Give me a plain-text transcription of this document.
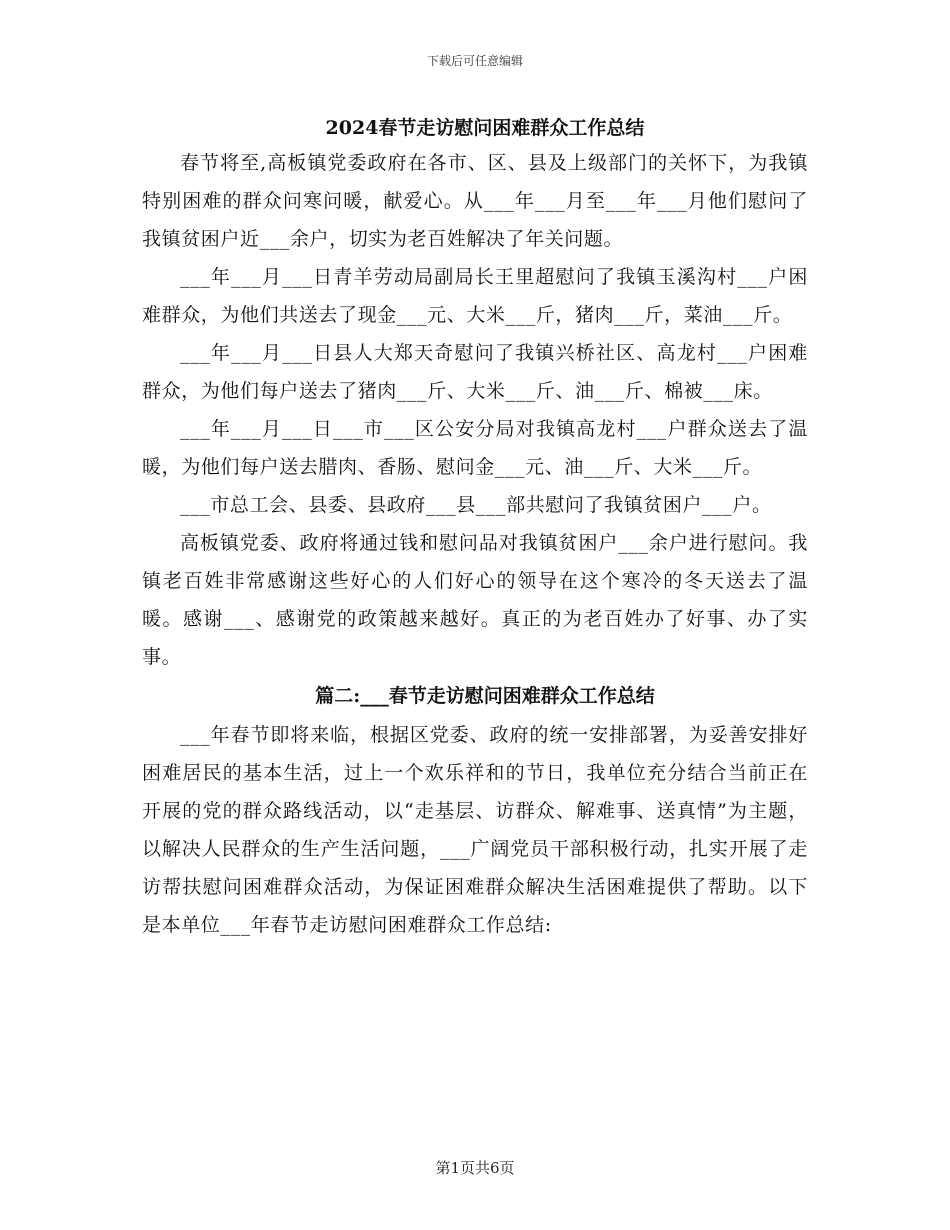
下载后可任意编辑
2024春节走访慰问困难群众工作总结

春节将至,高板镇党委政府在各市、区、县及上级部门的关怀下，为我镇特别困难的群众问寒问暖，献爱心。从___年___月至___年___月他们慰问了我镇贫困户近___余户，切实为老百姓解决了年关问题。

___年___月___日青羊劳动局副局长王里超慰问了我镇玉溪沟村___户困难群众，为他们共送去了现金___元、大米___斤，猪肉___斤，菜油___斤。

___年___月___日县人大郑天奇慰问了我镇兴桥社区、高龙村___户困难群众，为他们每户送去了猪肉___斤、大米___斤、油___斤、棉被___床。

___年___月___日___市___区公安分局对我镇高龙村___户群众送去了温暖，为他们每户送去腊肉、香肠、慰问金___元、油___斤、大米___斤。

___市总工会、县委、县政府___县___部共慰问了我镇贫困户___户。

高板镇党委、政府将通过钱和慰问品对我镇贫困户___余户进行慰问。我镇老百姓非常感谢这些好心的人们好心的领导在这个寒冷的冬天送去了温暖。感谢___、感谢党的政策越来越好。真正的为老百姓办了好事、办了实事。

篇二:___春节走访慰问困难群众工作总结

___年春节即将来临，根据区党委、政府的统一安排部署，为妥善安排好困难居民的基本生活，过上一个欢乐祥和的节日，我单位充分结合当前正在开展的党的群众路线活动，以“走基层、访群众、解难事、送真情”为主题，以解决人民群众的生产生活问题，___广阔党员干部积极行动，扎实开展了走访帮扶慰问困难群众活动，为保证困难群众解决生活困难提供了帮助。以下是本单位___年春节走访慰问困难群众工作总结:

第1页共6页
